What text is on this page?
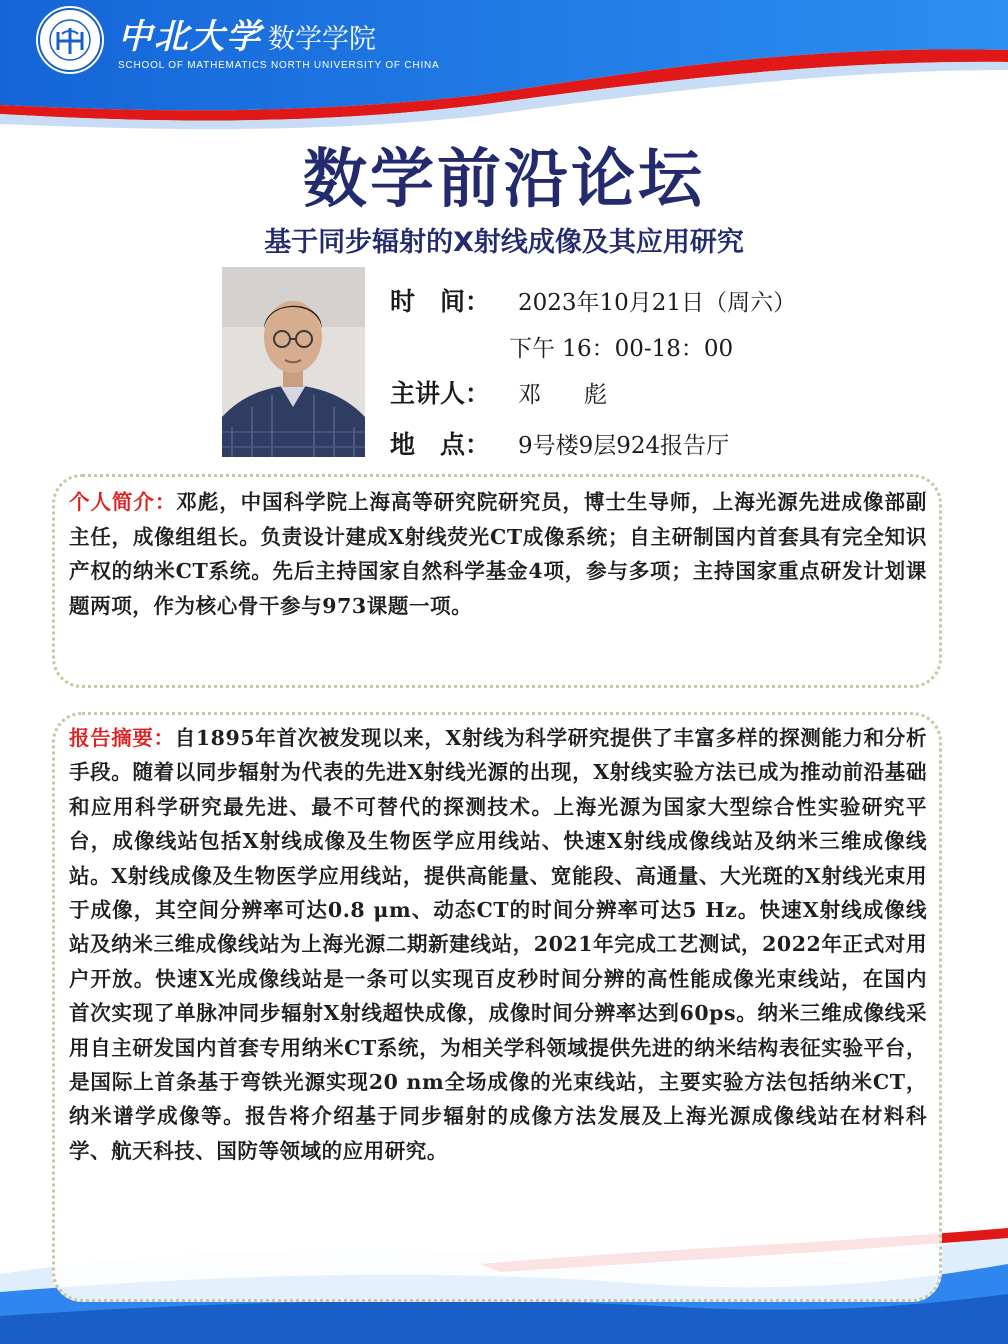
中北大学 数学学院
SCHOOL OF MATHEMATICS NORTH UNIVERSITY OF CHINA
数学前沿论坛
基于同步辐射的X射线成像及其应用研究
时　间：	2023年10月21日（周六）
下午 16：00-18：00
主讲人：	邓　彪
地　点：	9号楼9层924报告厅
个人简介：邓彪，中国科学院上海高等研究院研究员，博士生导师，上海光源先进成像部副主任，成像组组长。负责设计建成X射线荧光CT成像系统；自主研制国内首套具有完全知识产权的纳米CT系统。先后主持国家自然科学基金4项，参与多项；主持国家重点研发计划课题两项，作为核心骨干参与973课题一项。
报告摘要：自1895年首次被发现以来，X射线为科学研究提供了丰富多样的探测能力和分析手段。随着以同步辐射为代表的先进X射线光源的出现，X射线实验方法已成为推动前沿基础和应用科学研究最先进、最不可替代的探测技术。上海光源为国家大型综合性实验研究平台，成像线站包括X射线成像及生物医学应用线站、快速X射线成像线站及纳米三维成像线站。X射线成像及生物医学应用线站，提供高能量、宽能段、高通量、大光斑的X射线光束用于成像，其空间分辨率可达0.8 μm、动态CT的时间分辨率可达5 Hz。快速X射线成像线站及纳米三维成像线站为上海光源二期新建线站，2021年完成工艺测试，2022年正式对用户开放。快速X光成像线站是一条可以实现百皮秒时间分辨的高性能成像光束线站，在国内首次实现了单脉冲同步辐射X射线超快成像，成像时间分辨率达到60ps。纳米三维成像线采用自主研发国内首套专用纳米CT系统，为相关学科领域提供先进的纳米结构表征实验平台，是国际上首条基于弯铁光源实现20 nm全场成像的光束线站，主要实验方法包括纳米CT，纳米谱学成像等。报告将介绍基于同步辐射的成像方法发展及上海光源成像线站在材料科学、航天科技、国防等领域的应用研究。
